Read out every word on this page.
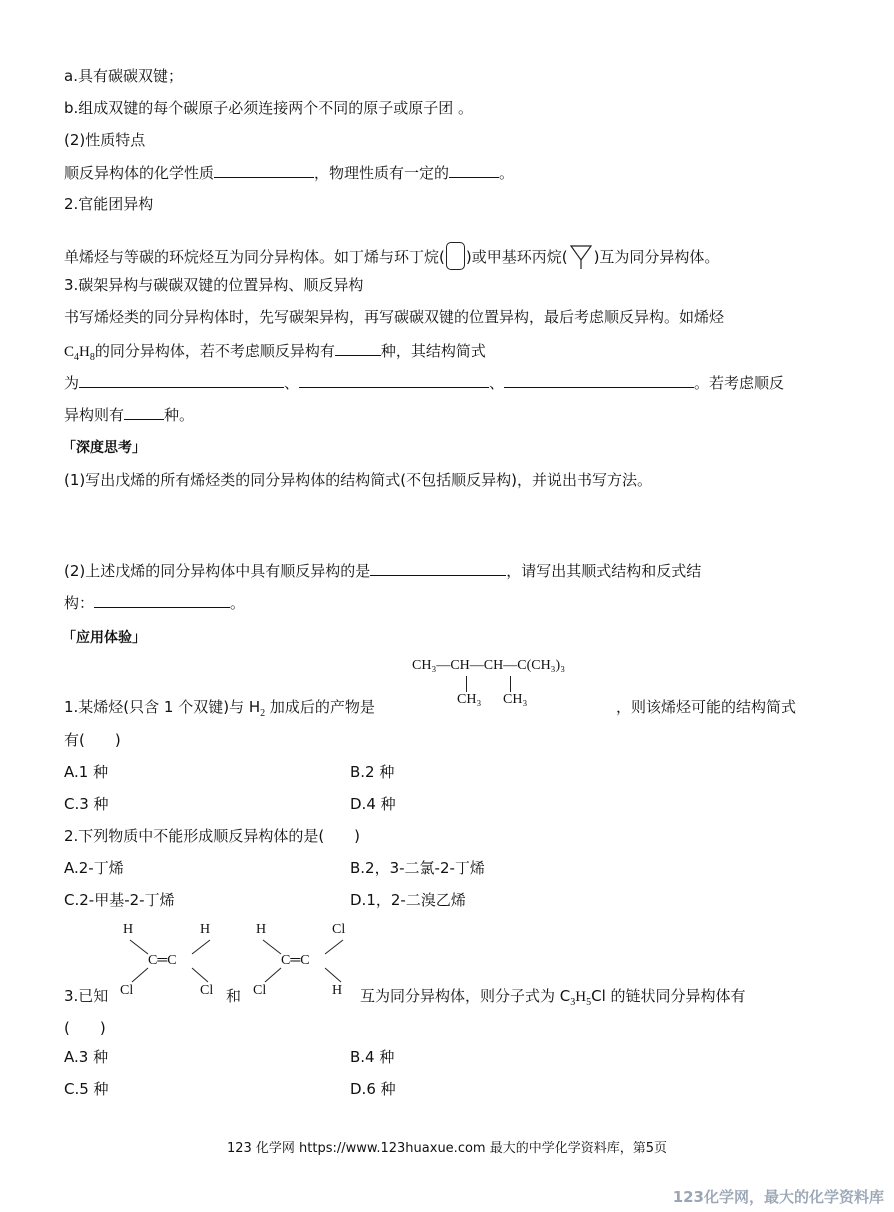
a.具有碳碳双键；
b.组成双键的每个碳原子必须连接两个不同的原子或原子团 。
(2)性质特点
顺反异构体的化学性质	，物理性质有一定的	。
2.官能团异构
单烯烃与等碳的环烷烃互为同分异构体。如丁烯与环丁烷( )或甲基环丙烷( )互为同分异构体。
3.碳架异构与碳碳双键的位置异构、顺反异构
书写烯烃类的同分异构体时，先写碳架异构，再写碳碳双键的位置异构，最后考虑顺反异构。如烯烃
$C_4H_8$的同分异构体，若不考虑顺反异构有	种，其结构简式
为	、	、	。若考虑顺反
异构则有	种。
「深度思考」
(1)写出戊烯的所有烯烃类的同分异构体的结构简式(不包括顺反异构)，并说出书写方法。
(2)上述戊烯的同分异构体中具有顺反异构的是	，请写出其顺式结构和反式结
构：	。
「应用体验」
CH₃—CH—CH—C(CH₃)₃
CH₃ CH₃
1.某烯烃(只含 1 个双键)与 $H_2$ 加成后的产物是	，则该烯烃可能的结构简式
有(　　)
A.1 种	B.2 种
C.3 种	D.4 种
2.下列物质中不能形成顺反异构体的是(　　)
A.2-丁烯	B.2，3-二氯-2-丁烯
C.2-甲基-2-丁烯	D.1，2-二溴乙烯
H	H
C═C
Cl	Cl
H	Cl
C═C
Cl	H
3.已知	和	互为同分异构体，则分子式为 $C_3H_5Cl$ 的链状同分异构体有
(　　)
A.3 种	B.4 种
C.5 种	D.6 种
123 化学网 https://www.123huaxue.com 最大的中学化学资料库，第5页
123化学网，最大的化学资料库
